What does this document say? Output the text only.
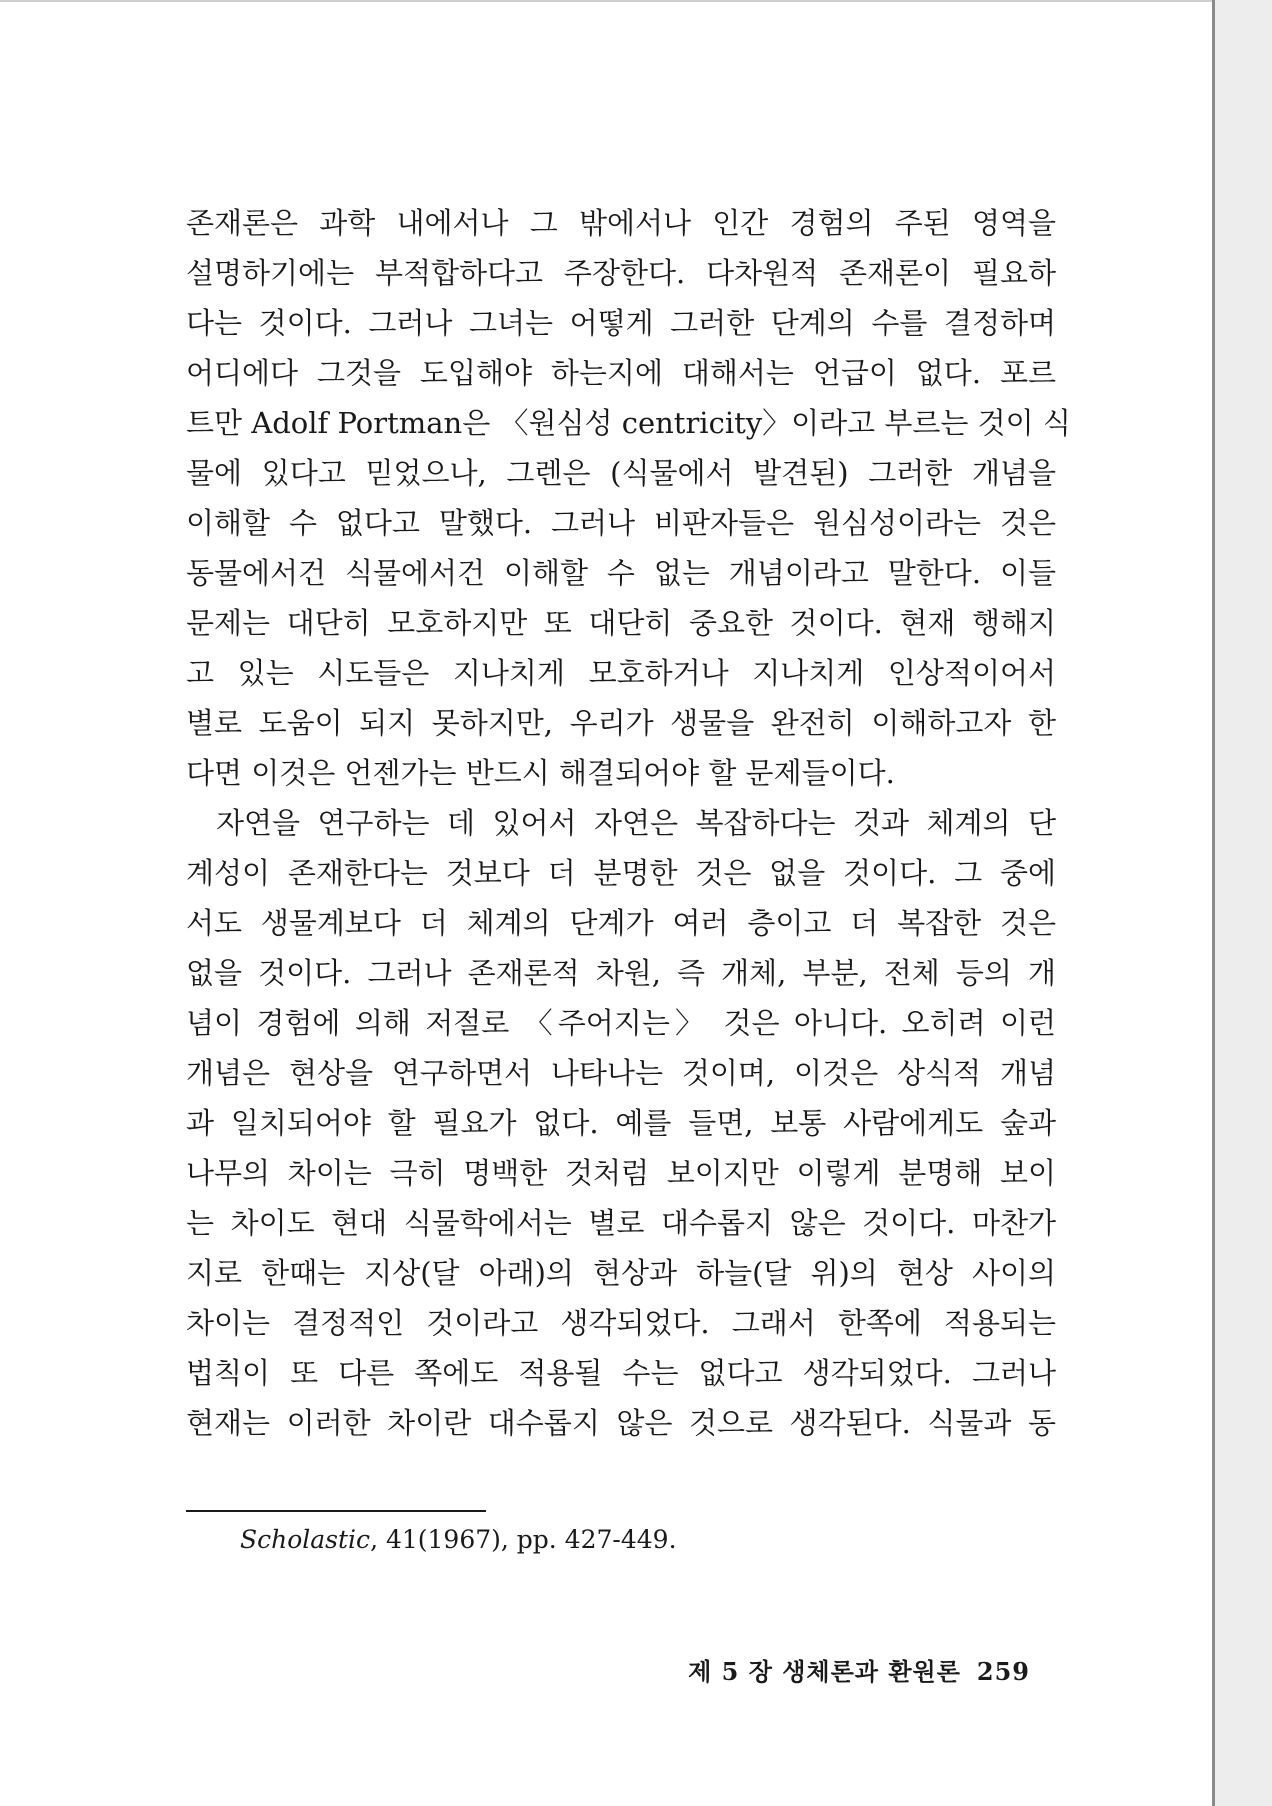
존재론은 과학 내에서나 그 밖에서나 인간 경험의 주된 영역을
설명하기에는 부적합하다고 주장한다. 다차원적 존재론이 필요하
다는 것이다. 그러나 그녀는 어떻게 그러한 단계의 수를 결정하며
어디에다 그것을 도입해야 하는지에 대해서는 언급이 없다. 포르
트만 Adolf Portman은 〈원심성 centricity〉이라고 부르는 것이 식
물에 있다고 믿었으나, 그렌은 (식물에서 발견된) 그러한 개념을
이해할 수 없다고 말했다. 그러나 비판자들은 원심성이라는 것은
동물에서건 식물에서건 이해할 수 없는 개념이라고 말한다. 이들
문제는 대단히 모호하지만 또 대단히 중요한 것이다. 현재 행해지
고 있는 시도들은 지나치게 모호하거나 지나치게 인상적이어서
별로 도움이 되지 못하지만, 우리가 생물을 완전히 이해하고자 한
다면 이것은 언젠가는 반드시 해결되어야 할 문제들이다.
자연을 연구하는 데 있어서 자연은 복잡하다는 것과 체계의 단
계성이 존재한다는 것보다 더 분명한 것은 없을 것이다. 그 중에
서도 생물계보다 더 체계의 단계가 여러 층이고 더 복잡한 것은
없을 것이다. 그러나 존재론적 차원, 즉 개체, 부분, 전체 등의 개
념이 경험에 의해 저절로 〈주어지는〉 것은 아니다. 오히려 이런
개념은 현상을 연구하면서 나타나는 것이며, 이것은 상식적 개념
과 일치되어야 할 필요가 없다. 예를 들면, 보통 사람에게도 숲과
나무의 차이는 극히 명백한 것처럼 보이지만 이렇게 분명해 보이
는 차이도 현대 식물학에서는 별로 대수롭지 않은 것이다. 마찬가
지로 한때는 지상(달 아래)의 현상과 하늘(달 위)의 현상 사이의
차이는 결정적인 것이라고 생각되었다. 그래서 한쪽에 적용되는
법칙이 또 다른 쪽에도 적용될 수는 없다고 생각되었다. 그러나
현재는 이러한 차이란 대수롭지 않은 것으로 생각된다. 식물과 동
Scholastic, 41(1967), pp. 427-449.
제 5 장 생체론과 환원론 259
